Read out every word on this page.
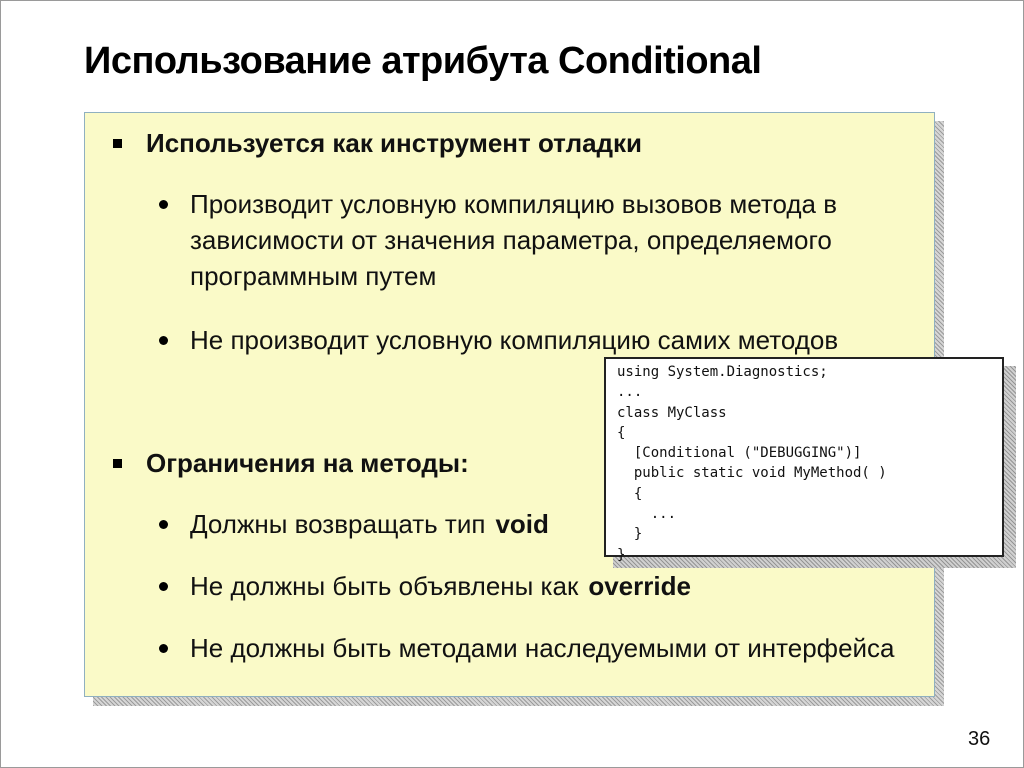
Использование атрибута Conditional
Используется как инструмент отладки
Производит условную компиляцию вызовов метода в зависимости от значения параметра, определяемого программным путем
Не производит условную компиляцию самих методов
Ограничения на методы:
Должны возвращать тип void
Не должны быть объявлены как override
Не должны быть методами наследуемыми от интерфейса
using System.Diagnostics;
...
class MyClass
{
[Conditional ("DEBUGGING")]
public static void MyMethod( )
{
...
}
}
36
